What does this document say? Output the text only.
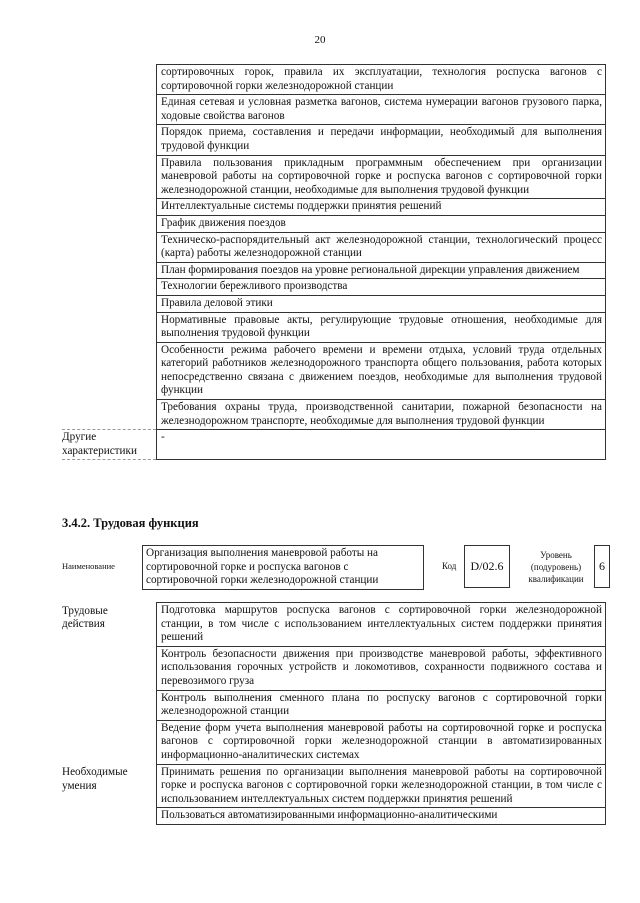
20
	сортировочных горок, правила их эксплуатации, технология роспуска вагонов с сортировочной горки железнодорожной станции
	Единая сетевая и условная разметка вагонов, система нумерации вагонов грузового парка, ходовые свойства вагонов
	Порядок приема, составления и передачи информации, необходимый для выполнения трудовой функции
	Правила пользования прикладным программным обеспечением при организации маневровой работы на сортировочной горке и роспуска вагонов с сортировочной горки железнодорожной станции, необходимые для выполнения трудовой функции
	Интеллектуальные системы поддержки принятия решений
	График движения поездов
	Техническо-распорядительный акт железнодорожной станции, технологический процесс (карта) работы железнодорожной станции
	План формирования поездов на уровне региональной дирекции управления движением
	Технологии бережливого производства
	Правила деловой этики
	Нормативные правовые акты, регулирующие трудовые отношения, необходимые для выполнения трудовой функции
	Особенности режима рабочего времени и времени отдыха, условий труда отдельных категорий работников железнодорожного транспорта общего пользования, работа которых непосредственно связана с движением поездов, необходимые для выполнения трудовой функции
	Требования охраны труда, производственной санитарии, пожарной безопасности на железнодорожном транспорте, необходимые для выполнения трудовой функции
Другие характеристики	-
3.4.2. Трудовая функция
Наименование
Организация выполнения маневровой работы на сортировочной горке и роспуска вагонов с сортировочной горки железнодорожной станции
Код	D/02.6
Уровень (подуровень) квалификации
6
Трудовые действия	Подготовка маршрутов роспуска вагонов с сортировочной горки железнодорожной станции, в том числе с использованием интеллектуальных систем поддержки принятия решений
	Контроль безопасности движения при производстве маневровой работы, эффективного использования горочных устройств и локомотивов, сохранности подвижного состава и перевозимого груза
	Контроль выполнения сменного плана по роспуску вагонов с сортировочной горки железнодорожной станции
	Ведение форм учета выполнения маневровой работы на сортировочной горке и роспуска вагонов с сортировочной горки железнодорожной станции в автоматизированных информационно-аналитических системах
Необходимые умения	Принимать решения по организации выполнения маневровой работы на сортировочной горке и роспуска вагонов с сортировочной горки железнодорожной станции, в том числе с использованием интеллектуальных систем поддержки принятия решений
	Пользоваться автоматизированными информационно-аналитическими
